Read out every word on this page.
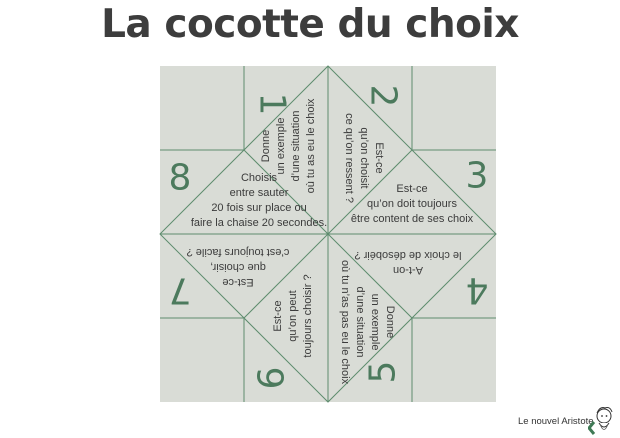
La cocotte du choix
1 2
3
4
5
6
7
8
Donne un exemple d’une situation où tu as eu le choix	Est-ce
qu’on choisit
ce qu’on ressent ?	Est-ce
qu’on doit toujours
être content de ses choix
A-t-on
le choix de désobéir ?
Donne
un exemple
d’une situation
où tu n’as pas eu le choix
Est-ce qu’on peut toujours choisir ?
Est-ce
que choisir,
c’est toujours facile ?
Choisis
entre sauter
20 fois sur place ou
faire la chaise 20 secondes.
Le nouvel Aristote
